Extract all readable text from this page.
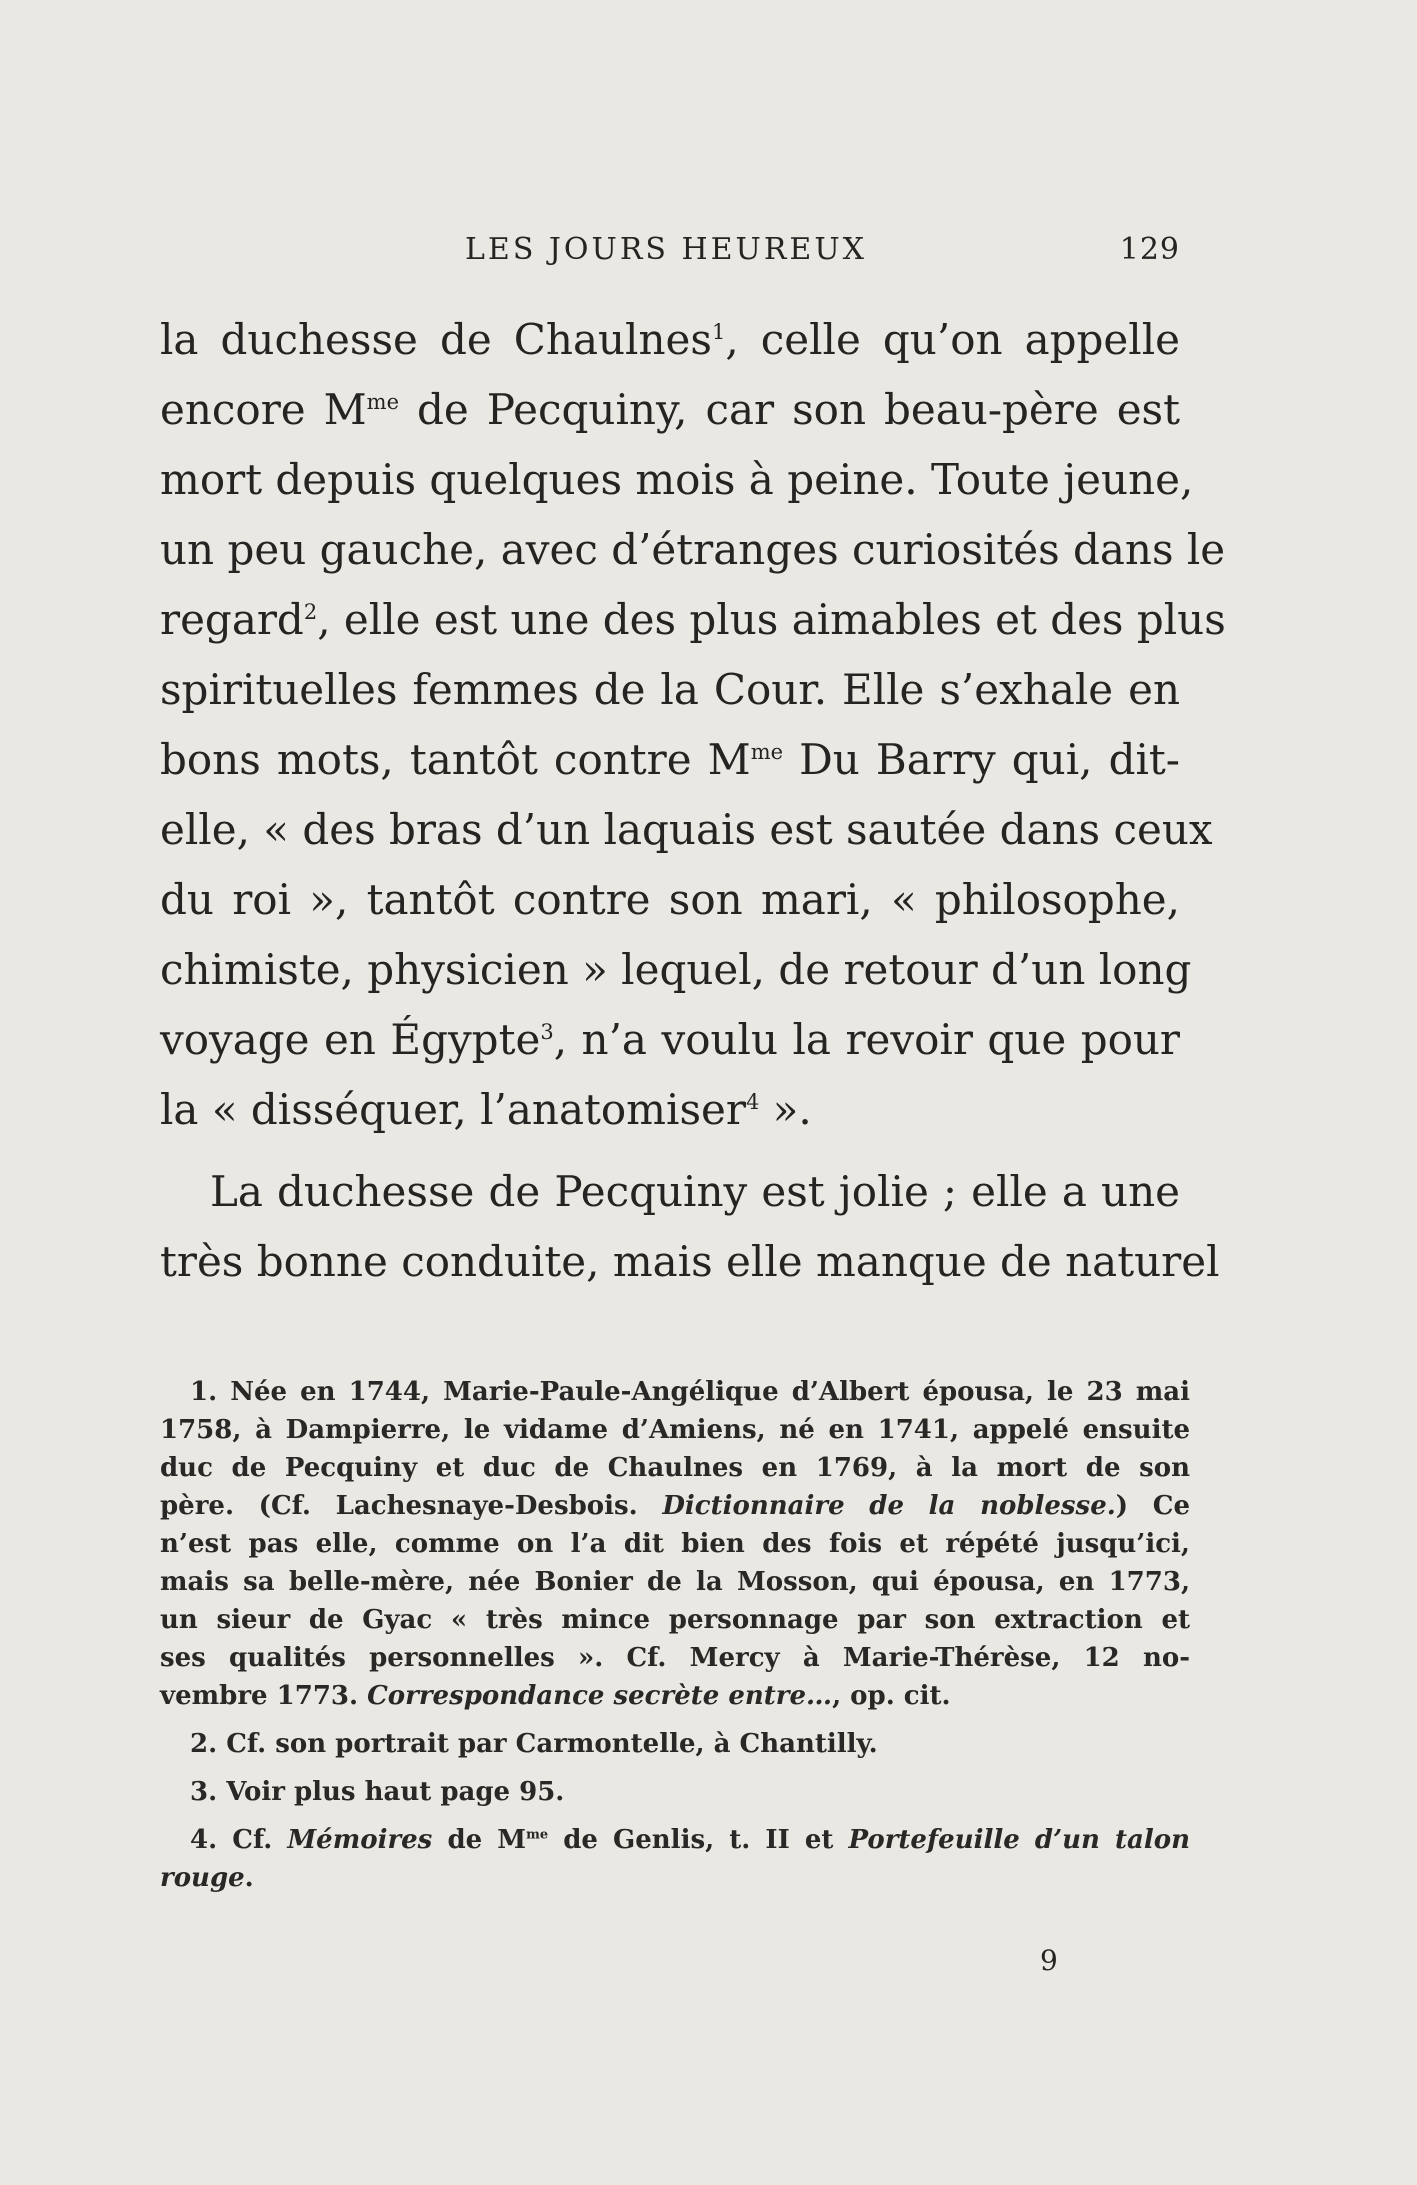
LES JOURS HEUREUX	129
la duchesse de Chaulnes$^1$, celle qu’on appelle
encore $M^{me}$ de Pecquiny, car son beau-père est
mort depuis quelques mois à peine. Toute jeune,
un peu gauche, avec d’étranges curiosités dans le
regard$^2$, elle est une des plus aimables et des plus
spirituelles femmes de la Cour. Elle s’exhale en
bons mots, tantôt contre $M^{me}$ Du Barry qui, dit-
elle, « des bras d’un laquais est sautée dans ceux
du roi », tantôt contre son mari, « philosophe,
chimiste, physicien » lequel, de retour d’un long
voyage en Égypte$^3$, n’a voulu la revoir que pour
la « disséquer, l’anatomiser$^4$ ».
La duchesse de Pecquiny est jolie ; elle a une
très bonne conduite, mais elle manque de naturel
1. Née en 1744, Marie-Paule-Angélique d’Albert épousa, le 23 mai
1758, à Dampierre, le vidame d’Amiens, né en 1741, appelé ensuite
duc de Pecquiny et duc de Chaulnes en 1769, à la mort de son
père. (Cf. Lachesnaye-Desbois. Dictionnaire de la noblesse.) Ce
n’est pas elle, comme on l’a dit bien des fois et répété jusqu’ici,
mais sa belle-mère, née Bonier de la Mosson, qui épousa, en 1773,
un sieur de Gyac « très mince personnage par son extraction et
ses qualités personnelles ». Cf. Mercy à Marie-Thérèse, 12 no-
vembre 1773. Correspondance secrète entre…, op. cit.
2. Cf. son portrait par Carmontelle, à Chantilly.
3. Voir plus haut page 95.
4. Cf. Mémoires de $M^{me}$ de Genlis, t. II et Portefeuille d’un talon
rouge.
9
